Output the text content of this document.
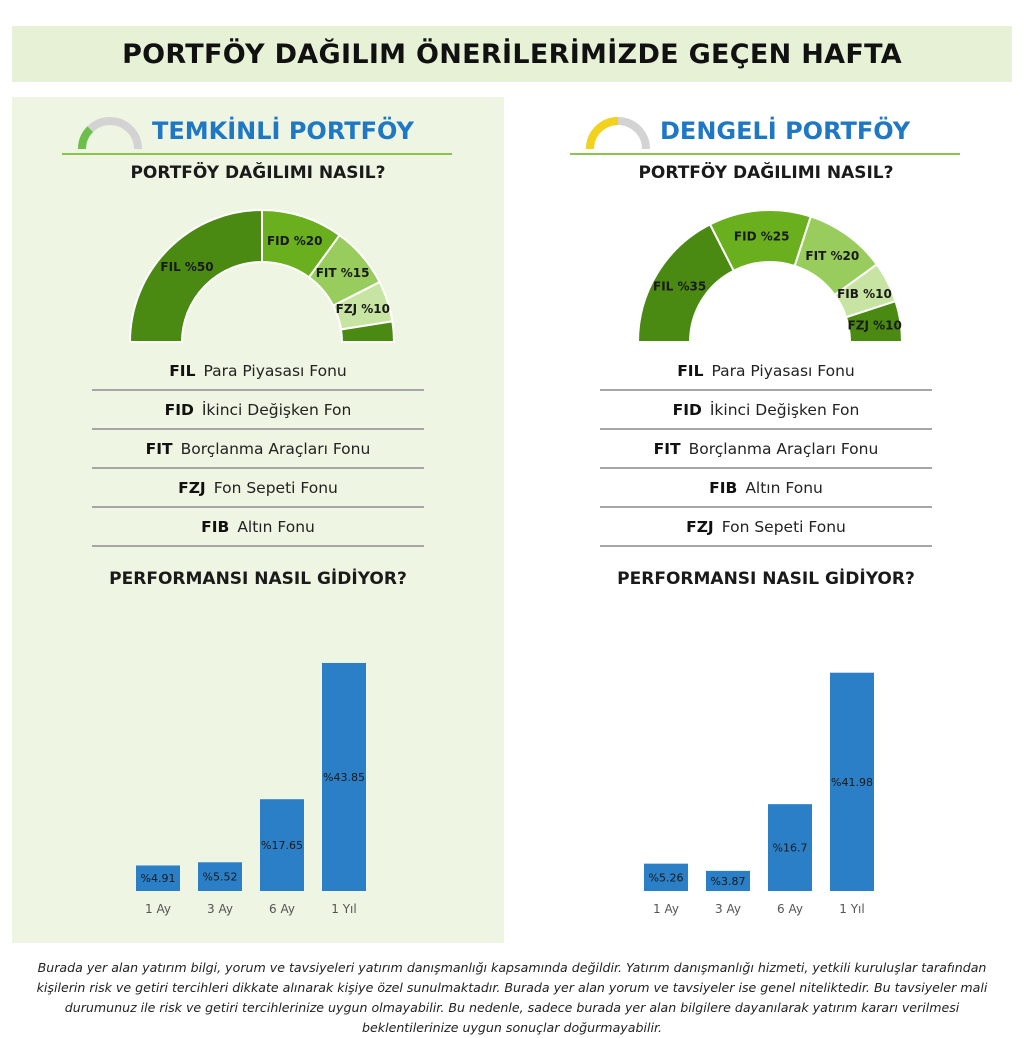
PORTFÖY DAĞILIM ÖNERİLERİMİZDE GEÇEN HAFTA
TEMKİNLİ PORTFÖY
PORTFÖY DAĞILIMI NASIL?
FIL %50
FID %20
FIT %15
FZJ %10
FIL Para Piyasası Fonu
FID İkinci Değişken Fon
FIT Borçlanma Araçları Fonu
FZJ Fon Sepeti Fonu
FIB Altın Fonu
PERFORMANSI NASIL GİDİYOR?
%4.91
1 Ay
%5.52
3 Ay
%17.65
6 Ay
%43.85
1 Yıl
DENGELİ PORTFÖY
PORTFÖY DAĞILIMI NASIL?
FIL %35
FID %25
FIT %20
FIB %10
FZJ %10
FIL Para Piyasası Fonu
FID İkinci Değişken Fon
FIT Borçlanma Araçları Fonu
FIB Altın Fonu
FZJ Fon Sepeti Fonu
PERFORMANSI NASIL GİDİYOR?
%5.26
1 Ay
%3.87
3 Ay
%16.7
6 Ay
%41.98
1 Yıl
Burada yer alan yatırım bilgi, yorum ve tavsiyeleri yatırım danışmanlığı kapsamında değildir. Yatırım danışmanlığı hizmeti, yetkili kuruluşlar tarafından kişilerin risk ve getiri tercihleri dikkate alınarak kişiye özel sunulmaktadır. Burada yer alan yorum ve tavsiyeler ise genel niteliktedir. Bu tavsiyeler mali durumunuz ile risk ve getiri tercihlerinize uygun olmayabilir. Bu nedenle, sadece burada yer alan bilgilere dayanılarak yatırım kararı verilmesi beklentilerinize uygun sonuçlar doğurmayabilir.
